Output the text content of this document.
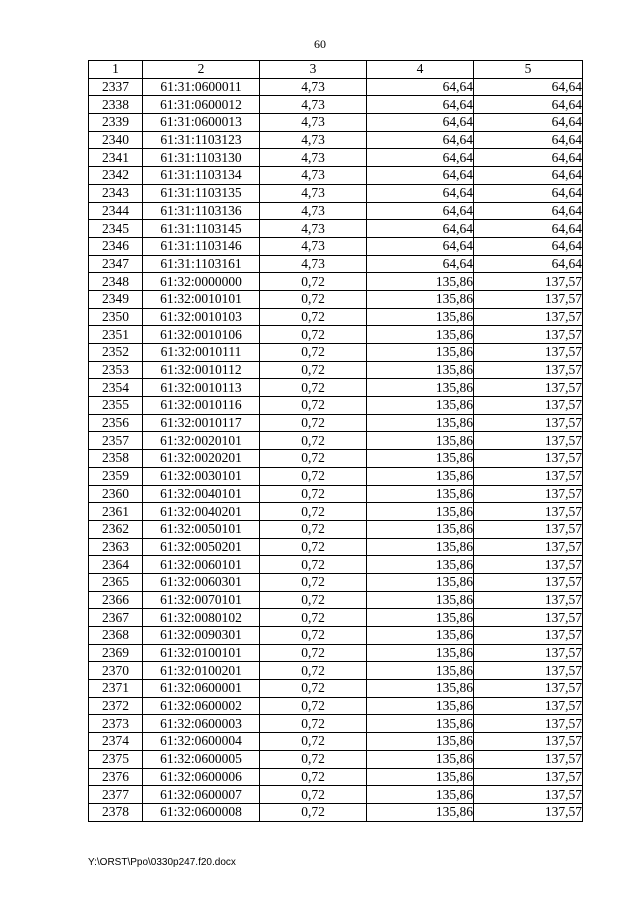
60
1	2	3	4	5
2337	61:31:0600011	4,73	64,64	64,64
2338	61:31:0600012	4,73	64,64	64,64
2339	61:31:0600013	4,73	64,64	64,64
2340	61:31:1103123	4,73	64,64	64,64
2341	61:31:1103130	4,73	64,64	64,64
2342	61:31:1103134	4,73	64,64	64,64
2343	61:31:1103135	4,73	64,64	64,64
2344	61:31:1103136	4,73	64,64	64,64
2345	61:31:1103145	4,73	64,64	64,64
2346	61:31:1103146	4,73	64,64	64,64
2347	61:31:1103161	4,73	64,64	64,64
2348	61:32:0000000	0,72	135,86	137,57
2349	61:32:0010101	0,72	135,86	137,57
2350	61:32:0010103	0,72	135,86	137,57
2351	61:32:0010106	0,72	135,86	137,57
2352	61:32:0010111	0,72	135,86	137,57
2353	61:32:0010112	0,72	135,86	137,57
2354	61:32:0010113	0,72	135,86	137,57
2355	61:32:0010116	0,72	135,86	137,57
2356	61:32:0010117	0,72	135,86	137,57
2357	61:32:0020101	0,72	135,86	137,57
2358	61:32:0020201	0,72	135,86	137,57
2359	61:32:0030101	0,72	135,86	137,57
2360	61:32:0040101	0,72	135,86	137,57
2361	61:32:0040201	0,72	135,86	137,57
2362	61:32:0050101	0,72	135,86	137,57
2363	61:32:0050201	0,72	135,86	137,57
2364	61:32:0060101	0,72	135,86	137,57
2365	61:32:0060301	0,72	135,86	137,57
2366	61:32:0070101	0,72	135,86	137,57
2367	61:32:0080102	0,72	135,86	137,57
2368	61:32:0090301	0,72	135,86	137,57
2369	61:32:0100101	0,72	135,86	137,57
2370	61:32:0100201	0,72	135,86	137,57
2371	61:32:0600001	0,72	135,86	137,57
2372	61:32:0600002	0,72	135,86	137,57
2373	61:32:0600003	0,72	135,86	137,57
2374	61:32:0600004	0,72	135,86	137,57
2375	61:32:0600005	0,72	135,86	137,57
2376	61:32:0600006	0,72	135,86	137,57
2377	61:32:0600007	0,72	135,86	137,57
2378	61:32:0600008	0,72	135,86	137,57
Y:\ORST\Ppo\0330p247.f20.docx
